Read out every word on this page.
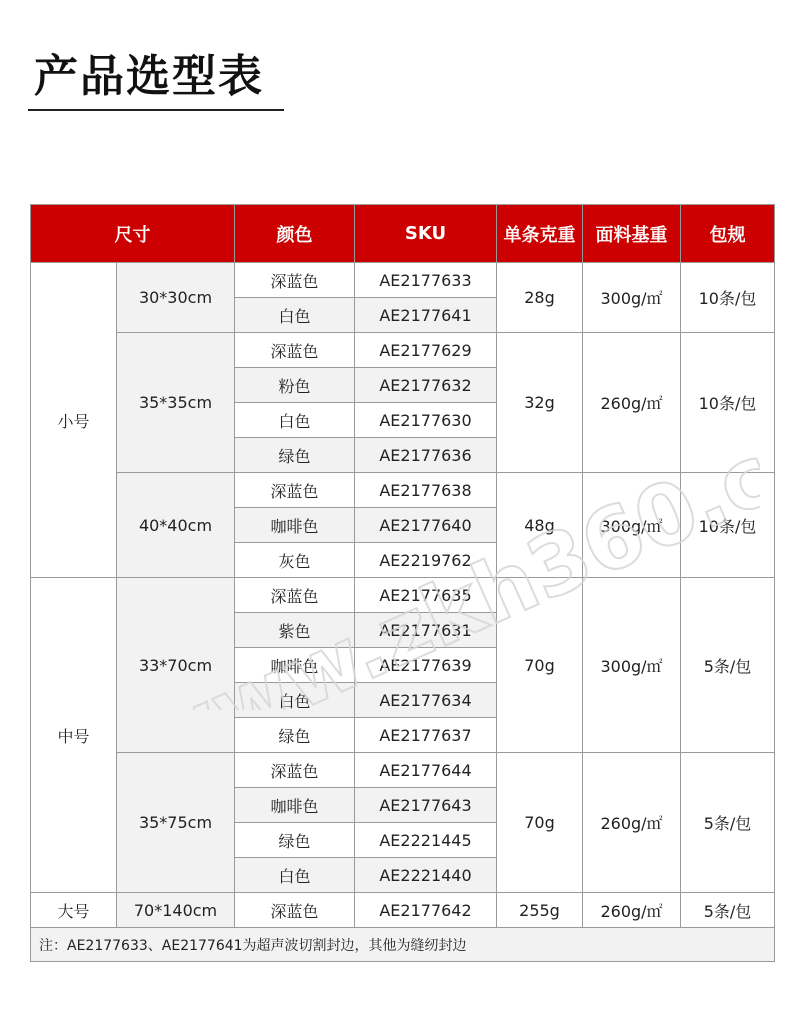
产品选型表
尺寸		颜色	SKU	单条克重	面料基重	包规
小号	30*30cm	深蓝色	AE2177633	28g	300g/㎡	10条/包
		白色	AE2177641			
	35*35cm	深蓝色	AE2177629	32g	260g/㎡	10条/包
		粉色	AE2177632			
		白色	AE2177630			
		绿色	AE2177636			
	40*40cm	深蓝色	AE2177638	48g	300g/㎡	10条/包
		咖啡色	AE2177640			
		灰色	AE2219762			
中号	33*70cm	深蓝色	AE2177635	70g	300g/㎡	5条/包
		紫色	AE2177631			
		咖啡色	AE2177639			
		白色	AE2177634			
		绿色	AE2177637			
	35*75cm	深蓝色	AE2177644	70g	260g/㎡	5条/包
		咖啡色	AE2177643			
		绿色	AE2221445			
		白色	AE2221440			
大号	70*140cm	深蓝色	AE2177642	255g	260g/㎡	5条/包
注：AE2177633、AE2177641为超声波切割封边，其他为缝纫封边						
